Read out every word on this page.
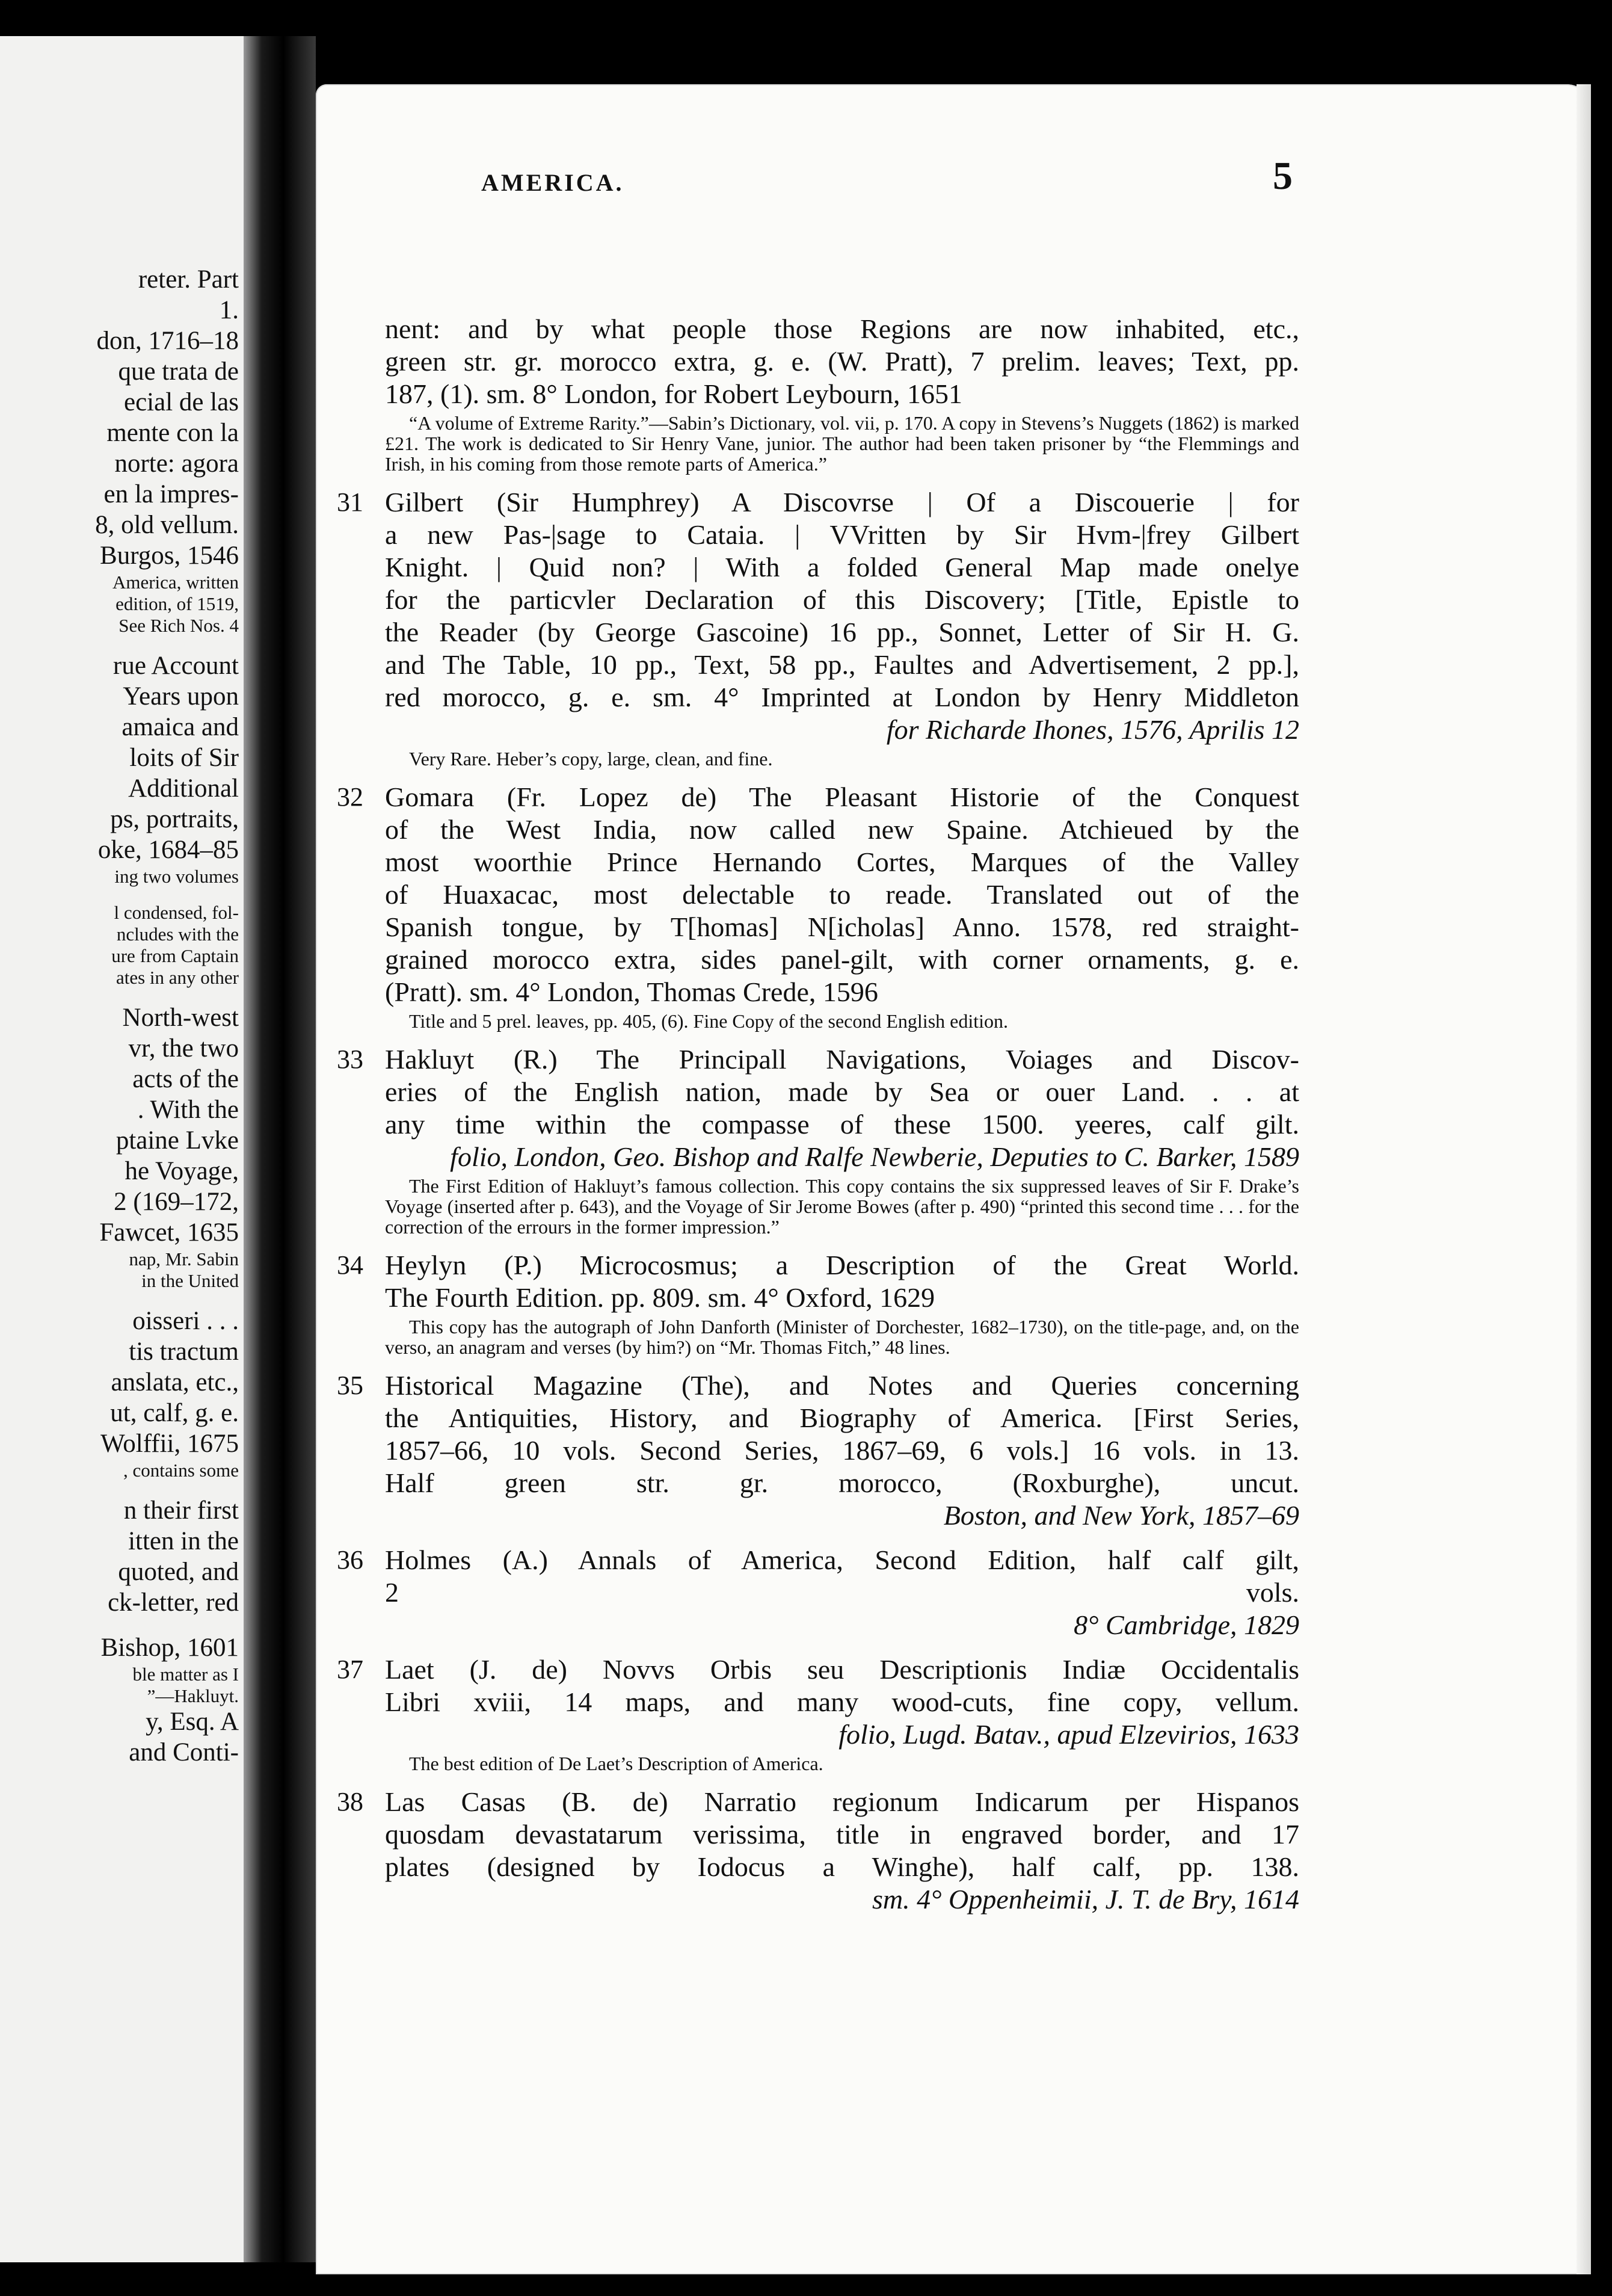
reter. Part
1.
don, 1716–18
que trata de
ecial de las
mente con la
norte: agora
en la impres-
8, old vellum.
Burgos, 1546
America, written
edition, of 1519,
See Rich Nos. 4
rue Account
Years upon
amaica and
loits of Sir
Additional
ps, portraits,
oke, 1684–85
ing two volumes
l condensed, fol-
ncludes with the
ure from Captain
ates in any other
North-west
vr, the two
acts of the
. With the
ptaine Lvke
he Voyage,
2 (169–172,
Fawcet, 1635
nap, Mr. Sabin
in the United
oisseri . . .
tis tractum
anslata, etc.,
ut, calf, g. e.
Wolffii, 1675
, contains some
n their first
itten in the
quoted, and
ck-letter, red
Bishop, 1601
ble matter as I
”—Hakluyt.
y, Esq. A
and Conti-
AMERICA.	5
nent: and by what people those Regions are now inhabited, etc.,
green str. gr. morocco extra, g. e. (W. Pratt), 7 prelim. leaves; Text, pp.
187, (1). sm. 8° London, for Robert Leybourn, 1651
“A volume of Extreme Rarity.”—Sabin’s Dictionary, vol. vii, p. 170. A copy in Stevens’s Nuggets (1862) is marked £21. The work is dedicated to Sir Henry Vane, junior. The author had been taken prisoner by “the Flemmings and Irish, in his coming from those remote parts of America.”
31 Gilbert (Sir Humphrey) A Discovrse | Of a Discouerie | for
a new Pas-|sage to Cataia. | VVritten by Sir Hvm-|frey Gilbert
Knight. | Quid non? | With a folded General Map made onelye
for the particvler Declaration of this Discovery; [Title, Epistle to
the Reader (by George Gascoine) 16 pp., Sonnet, Letter of Sir H. G.
and The Table, 10 pp., Text, 58 pp., Faultes and Advertisement, 2 pp.],
red morocco, g. e. sm. 4° Imprinted at London by Henry Middleton
for Richarde Ihones, 1576, Aprilis 12
Very Rare. Heber’s copy, large, clean, and fine.
32 Gomara (Fr. Lopez de) The Pleasant Historie of the Conquest
of the West India, now called new Spaine. Atchieued by the
most woorthie Prince Hernando Cortes, Marques of the Valley
of Huaxacac, most delectable to reade. Translated out of the
Spanish tongue, by T[homas] N[icholas] Anno. 1578, red straight-
grained morocco extra, sides panel-gilt, with corner ornaments, g. e.
(Pratt). sm. 4° London, Thomas Crede, 1596
Title and 5 prel. leaves, pp. 405, (6). Fine Copy of the second English edition.
33 Hakluyt (R.) The Principall Navigations, Voiages and Discov-
eries of the English nation, made by Sea or ouer Land. . . at
any time within the compasse of these 1500. yeeres, calf gilt.
folio, London, Geo. Bishop and Ralfe Newberie, Deputies to C. Barker, 1589
The First Edition of Hakluyt’s famous collection. This copy contains the six suppressed leaves of Sir F. Drake’s Voyage (inserted after p. 643), and the Voyage of Sir Jerome Bowes (after p. 490) “printed this second time . . . for the correction of the errours in the former impression.”
34 Heylyn (P.) Microcosmus; a Description of the Great World.
The Fourth Edition. pp. 809. sm. 4° Oxford, 1629
This copy has the autograph of John Danforth (Minister of Dorchester, 1682–1730), on the title-page, and, on the verso, an anagram and verses (by him?) on “Mr. Thomas Fitch,” 48 lines.
35 Historical Magazine (The), and Notes and Queries concerning
the Antiquities, History, and Biography of America. [First Series,
1857–66, 10 vols. Second Series, 1867–69, 6 vols.] 16 vols. in 13.
Half green str. gr. morocco, (Roxburghe), uncut.
Boston, and New York, 1857–69
36 Holmes (A.) Annals of America, Second Edition, half calf gilt,
2 vols.
8° Cambridge, 1829
37 Laet (J. de) Novvs Orbis seu Descriptionis Indiæ Occidentalis
Libri xviii, 14 maps, and many wood-cuts, fine copy, vellum.
folio, Lugd. Batav., apud Elzevirios, 1633
The best edition of De Laet’s Description of America.
38 Las Casas (B. de) Narratio regionum Indicarum per Hispanos
quosdam devastatarum verissima, title in engraved border, and 17
plates (designed by Iodocus a Winghe), half calf, pp. 138.
sm. 4° Oppenheimii, J. T. de Bry, 1614
